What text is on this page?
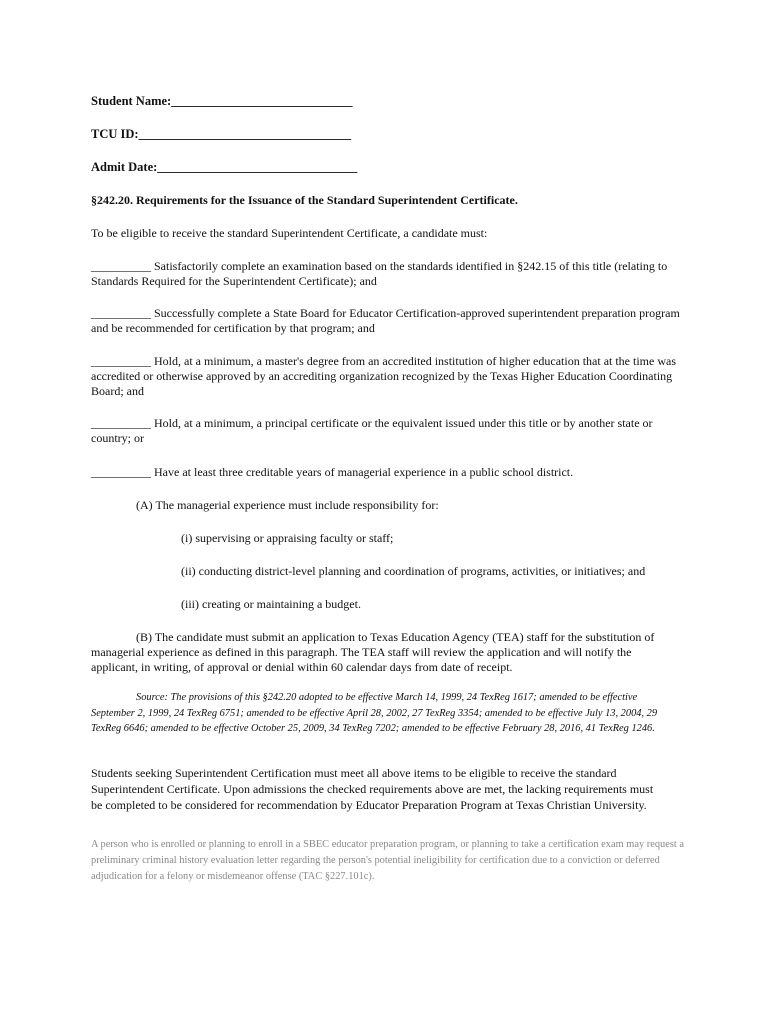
Student Name:_____________________________

TCU ID:__________________________________

Admit Date:________________________________

§242.20. Requirements for the Issuance of the Standard Superintendent Certificate.

To be eligible to receive the standard Superintendent Certificate, a candidate must:

__________ Satisfactorily complete an examination based on the standards identified in §242.15 of this title (relating to Standards Required for the Superintendent Certificate); and

__________ Successfully complete a State Board for Educator Certification-approved superintendent preparation program and be recommended for certification by that program; and

__________ Hold, at a minimum, a master's degree from an accredited institution of higher education that at the time was accredited or otherwise approved by an accrediting organization recognized by the Texas Higher Education Coordinating Board; and

__________ Hold, at a minimum, a principal certificate or the equivalent issued under this title or by another state or country; or

__________ Have at least three creditable years of managerial experience in a public school district.

(A) The managerial experience must include responsibility for:

(i) supervising or appraising faculty or staff;

(ii) conducting district-level planning and coordination of programs, activities, or initiatives; and

(iii) creating or maintaining a budget.

(B) The candidate must submit an application to Texas Education Agency (TEA) staff for the substitution of managerial experience as defined in this paragraph. The TEA staff will review the application and will notify the applicant, in writing, of approval or denial within 60 calendar days from date of receipt.

Source: The provisions of this §242.20 adopted to be effective March 14, 1999, 24 TexReg 1617; amended to be effective September 2, 1999, 24 TexReg 6751; amended to be effective April 28, 2002, 27 TexReg 3354; amended to be effective July 13, 2004, 29 TexReg 6646; amended to be effective October 25, 2009, 34 TexReg 7202; amended to be effective February 28, 2016, 41 TexReg 1246.

Students seeking Superintendent Certification must meet all above items to be eligible to receive the standard Superintendent Certificate. Upon admissions the checked requirements above are met, the lacking requirements must be completed to be considered for recommendation by Educator Preparation Program at Texas Christian University.

A person who is enrolled or planning to enroll in a SBEC educator preparation program, or planning to take a certification exam may request a preliminary criminal history evaluation letter regarding the person's potential ineligibility for certification due to a conviction or deferred adjudication for a felony or misdemeanor offense (TAC §227.101c).
